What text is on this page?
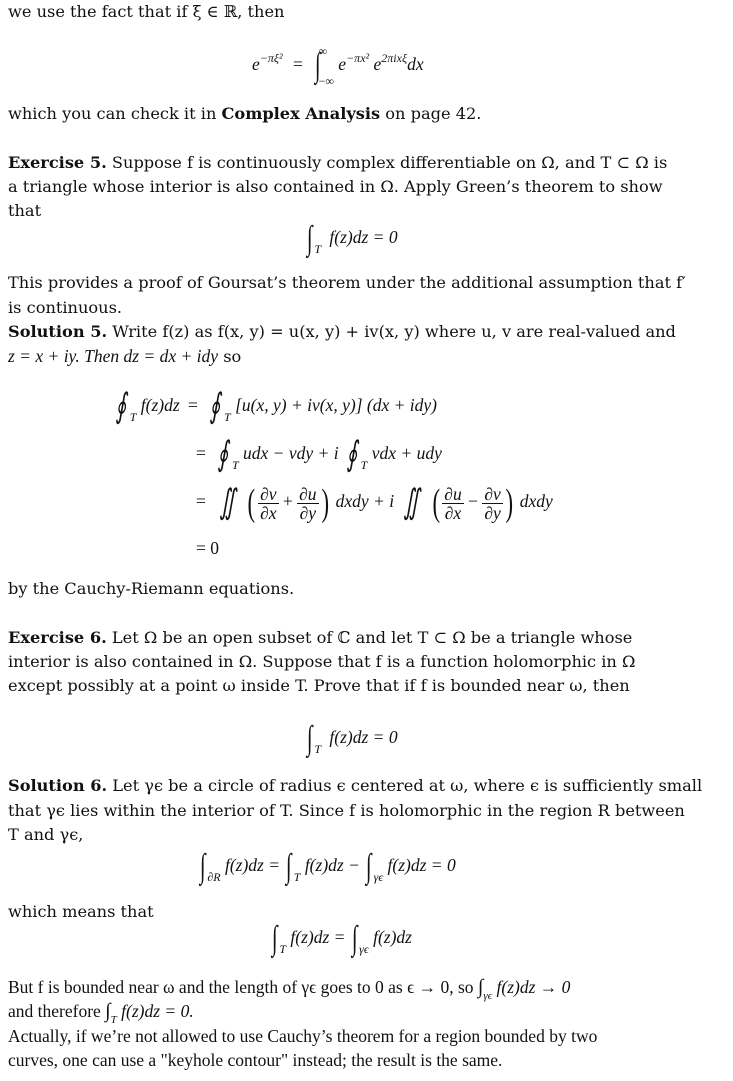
we use the fact that if ξ ∈ ℝ, then
$e^{-\pi\xi^2}$ = ∫
∞
−∞
$e^{-\pi x^2}$ $e^{2\pi ix\xi}dx$
which you can check it in Complex Analysis on page 42.
Exercise 5. Suppose f is continuously complex differentiable on Ω, and T ⊂ Ω is
a triangle whose interior is also contained in Ω. Apply Green’s theorem to show
that
∫ $_T$ f(z)dz = 0
This provides a proof of Goursat’s theorem under the additional assumption that f′
is continuous.
Solution 5. Write f(z) as f(x, y) = u(x, y) + iv(x, y) where u, v are real-valued and
z = x + iy. Then dz = dx + idy so
∮ $_T$ f(z)dz = ∮ $_T$ [u(x, y) + iv(x, y)] (dx + idy)
= ∮ $_T$ udx − vdy + i ∮ $_T$ vdx + udy
= ∬ ( $\frac{\partial v}{\partial x} + \frac{\partial u}{\partial y}$ ) dxdy + i ∬ ( $\frac{\partial u}{\partial x} - \frac{\partial v}{\partial y}$ ) dxdy
= 0
by the Cauchy-Riemann equations.
Exercise 6. Let Ω be an open subset of ℂ and let T ⊂ Ω be a triangle whose
interior is also contained in Ω. Suppose that f is a function holomorphic in Ω
except possibly at a point ω inside T. Prove that if f is bounded near ω, then
∫ $_T$ f(z)dz = 0
Solution 6. Let γϵ be a circle of radius ϵ centered at ω, where ϵ is sufficiently small
that γϵ lies within the interior of T. Since f is holomorphic in the region R between
T and γϵ,
∫ $_{\partial R}$ f(z)dz = ∫ $_T$ f(z)dz − ∫ $_{\gamma\epsilon}$ f(z)dz = 0
which means that
∫ $_T$ f(z)dz = ∫ $_{\gamma\epsilon}$ f(z)dz
But f is bounded near ω and the length of γϵ goes to 0 as ϵ → 0, so $\int_{\gamma\epsilon}$ f(z)dz → 0
and therefore $\int_T$ f(z)dz = 0.
Actually, if we’re not allowed to use Cauchy’s theorem for a region bounded by two
curves, one can use a "keyhole contour" instead; the result is the same.
